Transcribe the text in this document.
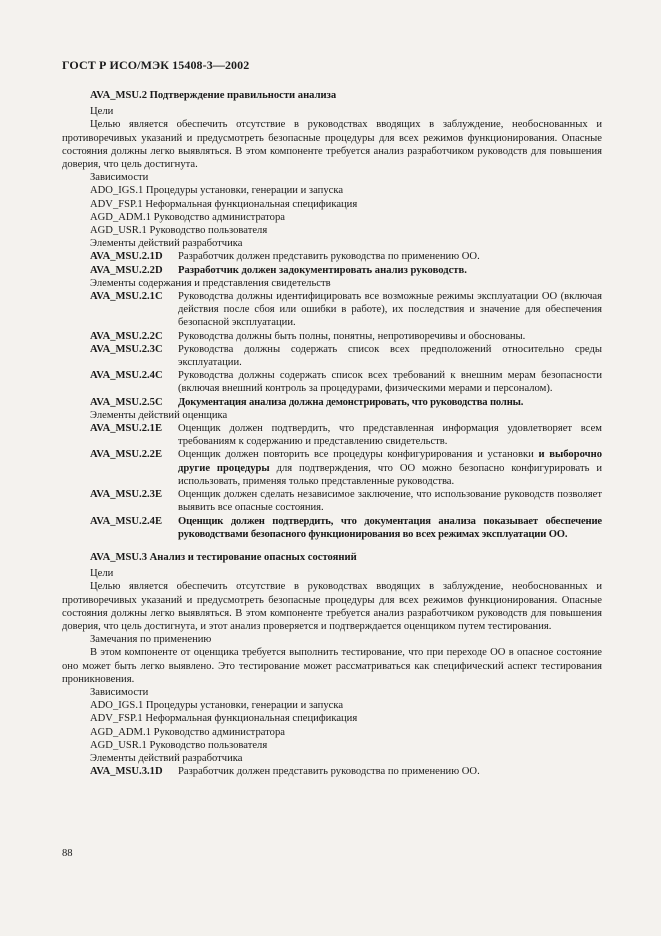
ГОСТ Р ИСО/МЭК 15408-3—2002
AVA_MSU.2 Подтверждение правильности анализа
Цели
Целью является обеспечить отсутствие в руководствах вводящих в заблуждение, необоснованных и противоречивых указаний и предусмотреть безопасные процедуры для всех режимов функционирования. Опасные состояния должны легко выявляться. В этом компоненте требуется анализ разработчиком руководств для повышения доверия, что цель достигнута.
Зависимости
ADO_IGS.1 Процедуры установки, генерации и запуска
ADV_FSP.1 Неформальная функциональная спецификация
AGD_ADM.1 Руководство администратора
AGD_USR.1 Руководство пользователя
Элементы действий разработчика
AVA_MSU.2.1D	Разработчик должен представить руководства по применению ОО.
AVA_MSU.2.2D	Разработчик должен задокументировать анализ руководств.
Элементы содержания и представления свидетельств
AVA_MSU.2.1C	Руководства должны идентифицировать все возможные режимы эксплуатации ОО (включая действия после сбоя или ошибки в работе), их последствия и значение для обеспечения безопасной эксплуатации.
AVA_MSU.2.2C	Руководства должны быть полны, понятны, непротиворечивы и обоснованы.
AVA_MSU.2.3C	Руководства должны содержать список всех предположений относительно среды эксплуатации.
AVA_MSU.2.4C	Руководства должны содержать список всех требований к внешним мерам безопасности (включая внешний контроль за процедурами, физическими мерами и персоналом).
AVA_MSU.2.5C	Документация анализа должна демонстрировать, что руководства полны.
Элементы действий оценщика
AVA_MSU.2.1E	Оценщик должен подтвердить, что представленная информация удовлетворяет всем требованиям к содержанию и представлению свидетельств.
AVA_MSU.2.2E	Оценщик должен повторить все процедуры конфигурирования и установки и выборочно другие процедуры для подтверждения, что ОО можно безопасно конфигурировать и использовать, применяя только представленные руководства.
AVA_MSU.2.3E	Оценщик должен сделать независимое заключение, что использование руководств позволяет выявить все опасные состояния.
AVA_MSU.2.4E	Оценщик должен подтвердить, что документация анализа показывает обеспечение руководствами безопасного функционирования во всех режимах эксплуатации ОО.
AVA_MSU.3 Анализ и тестирование опасных состояний
Цели
Целью является обеспечить отсутствие в руководствах вводящих в заблуждение, необоснованных и противоречивых указаний и предусмотреть безопасные процедуры для всех режимов функционирования. Опасные состояния должны легко выявляться. В этом компоненте требуется анализ разработчиком руководств для повышения доверия, что цель достигнута, и этот анализ проверяется и подтверждается оценщиком путем тестирования.
Замечания по применению
В этом компоненте от оценщика требуется выполнить тестирование, что при переходе ОО в опасное состояние оно может быть легко выявлено. Это тестирование может рассматриваться как специфический аспект тестирования проникновения.
Зависимости
ADO_IGS.1 Процедуры установки, генерации и запуска
ADV_FSP.1 Неформальная функциональная спецификация
AGD_ADM.1 Руководство администратора
AGD_USR.1 Руководство пользователя
Элементы действий разработчика
AVA_MSU.3.1D	Разработчик должен представить руководства по применению ОО.
88
